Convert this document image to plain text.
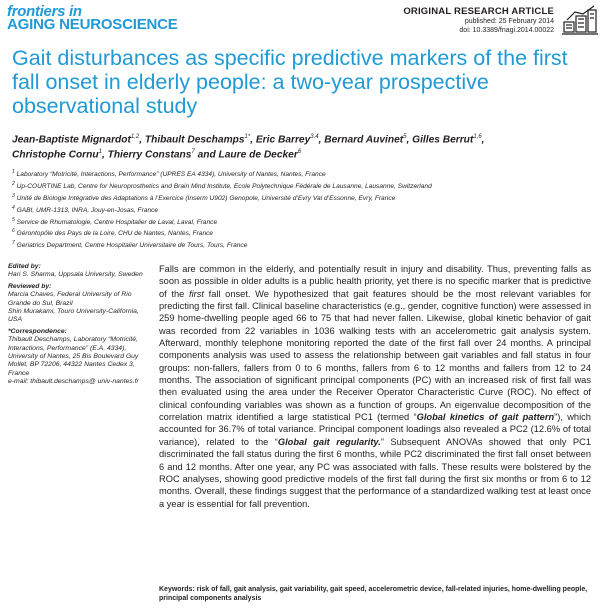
frontiers in
AGING NEUROSCIENCE
ORIGINAL RESEARCH ARTICLE
published: 25 February 2014
doi: 10.3389/fnagi.2014.00022
Gait disturbances as specific predictive markers of the first fall onset in elderly people: a two-year prospective observational study
Jean-Baptiste Mignardot$^{1,2}$, Thibault Deschamps$^{1*}$, Eric Barrey$^{3,4}$, Bernard Auvinet$^5$, Gilles Berrut$^{1,6}$,
Christophe Cornu$^1$, Thierry Constans$^7$ and Laure de Decker$^6$
$^1$ Laboratory “Motricité, Interactions, Performance” (UPRES EA 4334), University of Nantes, Nantes, France
$^2$ Up-COURTINE Lab, Centre for Neuroprosthetics and Brain Mind Institute, Ecole Polytechnique Fédérale de Lausanne, Lausanne, Switzerland
$^3$ Unité de Biologie Intégrative des Adaptations à l’Exercice (Inserm U902) Genopole, Université d’Evry Val d’Essonne, Evry, France
$^4$ GABI, UMR-1313, INRA, Jouy-en-Josas, France
$^5$ Service de Rhumatologie, Centre Hospitalier de Laval, Laval, France
$^6$ Gérontopôle des Pays de la Loire, CHU de Nantes, Nantes, France
$^7$ Geriatrics Department, Centre Hospitalier Universitaire de Tours, Tours, France
Edited by:
Hari S. Sharma, Uppsala University, Sweden
Reviewed by:
Marcia Chaves, Federal University of Rio Grande do Sul, Brazil
Shin Murakami, Touro University-California, USA
*Correspondence:
Thibault Deschamps, Laboratory “Motricité, Interactions, Performance” (E.A. 4334), University of Nantes, 25 Bis Boulevard Guy Mollet, BP 72206, 44322 Nantes Cedex 3, France
e-mail: thibault.deschamps@ univ-nantes.fr
Falls are common in the elderly, and potentially result in injury and disability. Thus, preventing falls as soon as possible in older adults is a public health priority, yet there is no specific marker that is predictive of the first fall onset. We hypothesized that gait features should be the most relevant variables for predicting the first fall. Clinical baseline characteristics (e.g., gender, cognitive function) were assessed in 259 home-dwelling people aged 66 to 75 that had never fallen. Likewise, global kinetic behavior of gait was recorded from 22 variables in 1036 walking tests with an accelerometric gait analysis system. Afterward, monthly telephone monitoring reported the date of the first fall over 24 months. A principal components analysis was used to assess the relationship between gait variables and fall status in four groups: non-fallers, fallers from 0 to 6 months, fallers from 6 to 12 months and fallers from 12 to 24 months. The association of significant principal components (PC) with an increased risk of first fall was then evaluated using the area under the Receiver Operator Characteristic Curve (ROC). No effect of clinical confounding variables was shown as a function of groups. An eigenvalue decomposition of the correlation matrix identified a large statistical PC1 (termed “Global kinetics of gait pattern”), which accounted for 36.7% of total variance. Principal component loadings also revealed a PC2 (12.6% of total variance), related to the “Global gait regularity.” Subsequent ANOVAs showed that only PC1 discriminated the fall status during the first 6 months, while PC2 discriminated the first fall onset between 6 and 12 months. After one year, any PC was associated with falls. These results were bolstered by the ROC analyses, showing good predictive models of the first fall during the first six months or from 6 to 12 months. Overall, these findings suggest that the performance of a standardized walking test at least once a year is essential for fall prevention.
Keywords: risk of fall, gait analysis, gait variability, gait speed, accelerometric device, fall-related injuries, home-dwelling people, principal components analysis
